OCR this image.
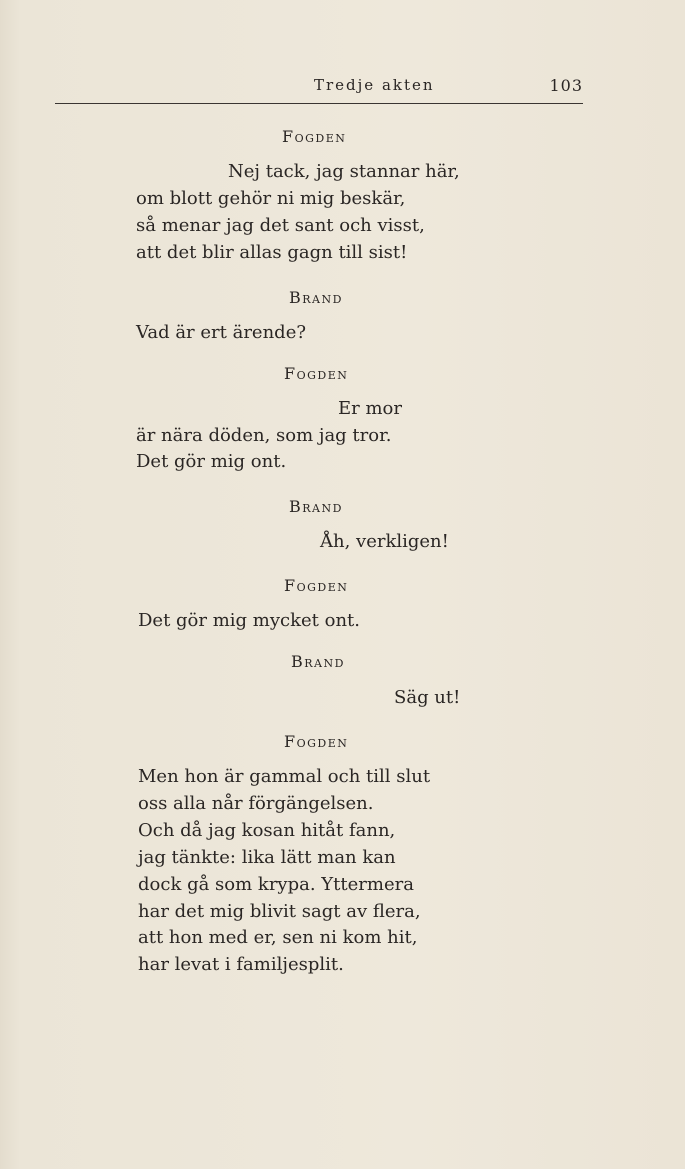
Tredje akten	103
Fogden
Nej tack, jag stannar här,
om blott gehör ni mig beskär,
så menar jag det sant och visst,
att det blir allas gagn till sist!
Brand
Vad är ert ärende?
Fogden
Er mor
är nära döden, som jag tror.
Det gör mig ont.
Brand
Åh, verkligen!
Fogden
Det gör mig mycket ont.
Brand
Säg ut!
Fogden
Men hon är gammal och till slut
oss alla når förgängelsen.
Och då jag kosan hitåt fann,
jag tänkte: lika lätt man kan
dock gå som krypa. Yttermera
har det mig blivit sagt av flera,
att hon med er, sen ni kom hit,
har levat i familjesplit.
